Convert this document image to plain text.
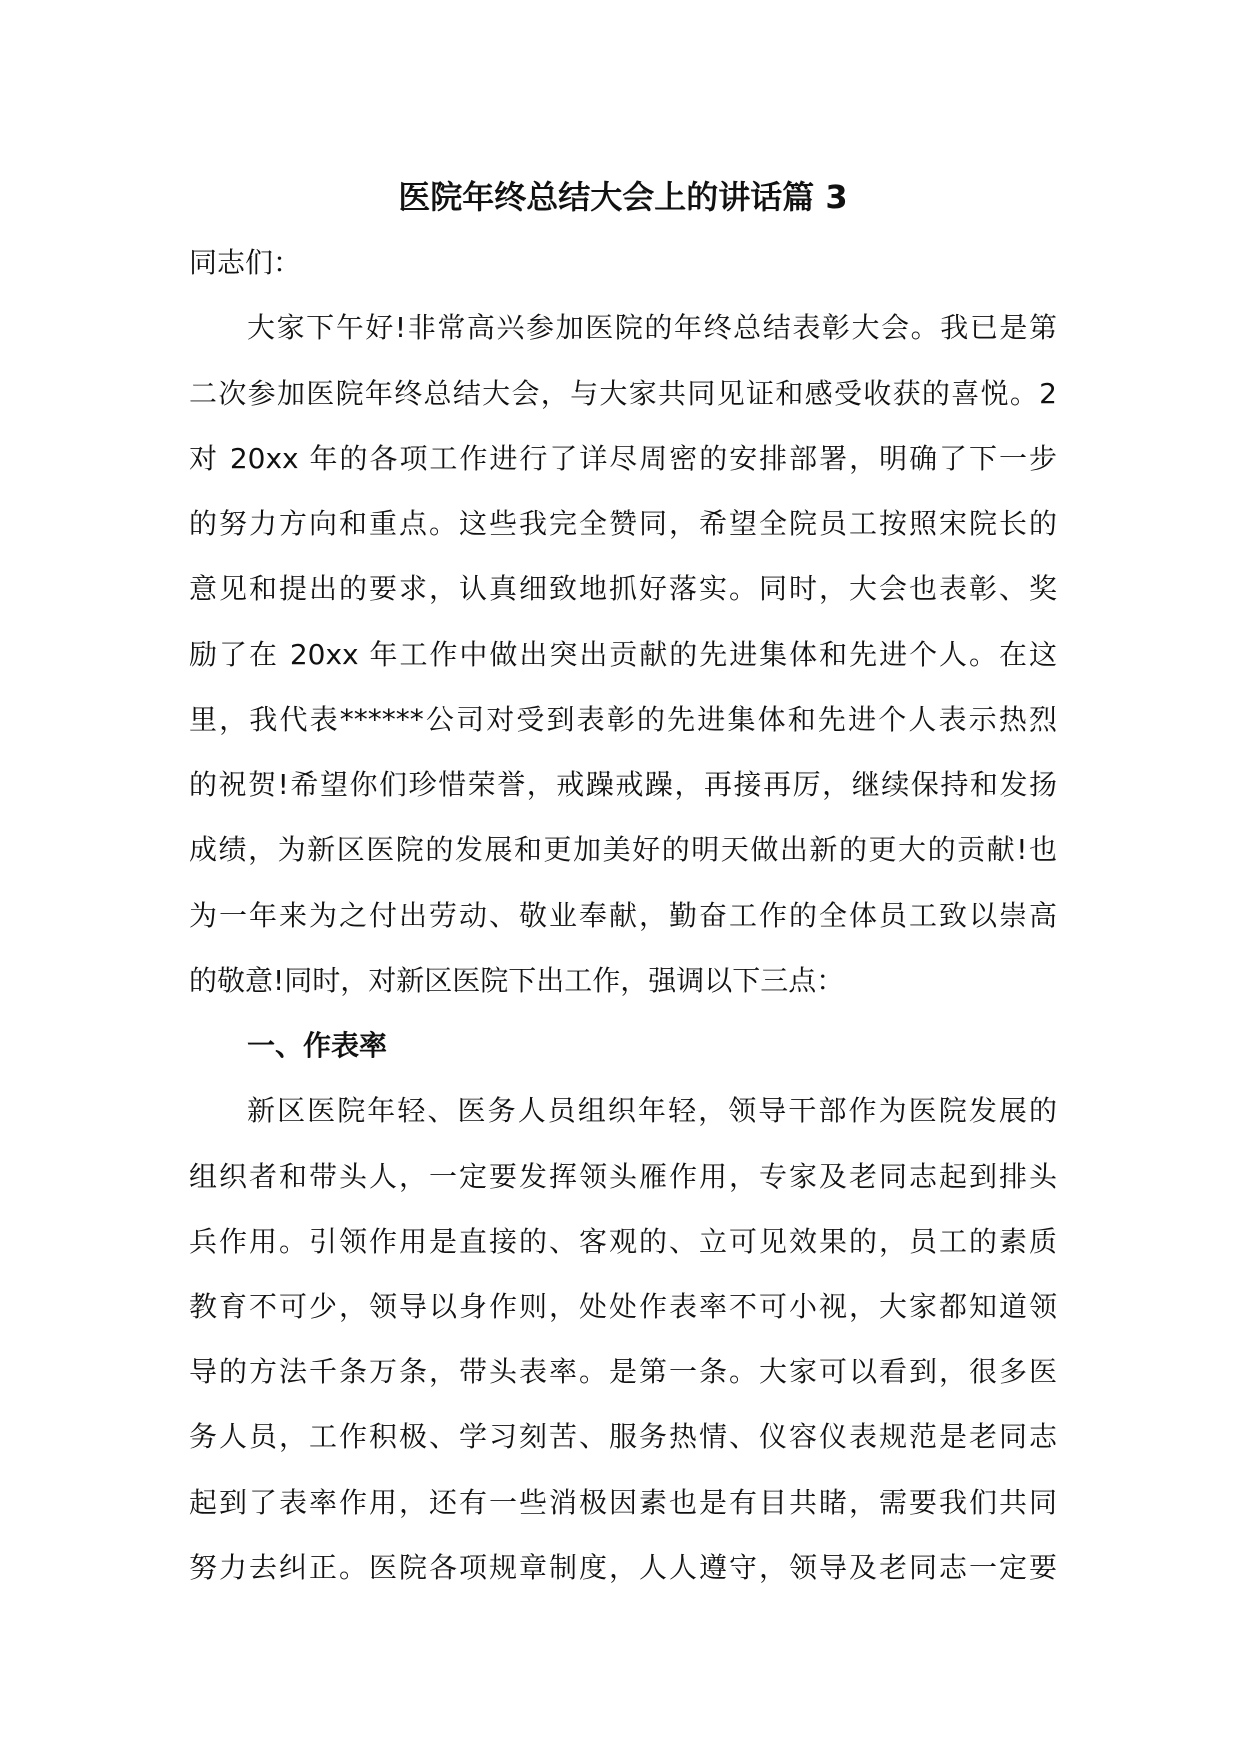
医院年终总结大会上的讲话篇 3
同志们：
大家下午好!非常高兴参加医院的年终总结表彰大会。我已是第
二次参加医院年终总结大会，与大家共同见证和感受收获的喜悦。2
对 20xx 年的各项工作进行了详尽周密的安排部署，明确了下一步
的努力方向和重点。这些我完全赞同，希望全院员工按照宋院长的
意见和提出的要求，认真细致地抓好落实。同时，大会也表彰、奖
励了在 20xx 年工作中做出突出贡献的先进集体和先进个人。在这
里，我代表******公司对受到表彰的先进集体和先进个人表示热烈
的祝贺!希望你们珍惜荣誉，戒躁戒躁，再接再厉，继续保持和发扬
成绩，为新区医院的发展和更加美好的明天做出新的更大的贡献!也
为一年来为之付出劳动、敬业奉献，勤奋工作的全体员工致以崇高
的敬意!同时，对新区医院下出工作，强调以下三点：
一、作表率
新区医院年轻、医务人员组织年轻，领导干部作为医院发展的
组织者和带头人，一定要发挥领头雁作用，专家及老同志起到排头
兵作用。引领作用是直接的、客观的、立可见效果的，员工的素质
教育不可少，领导以身作则，处处作表率不可小视，大家都知道领
导的方法千条万条，带头表率。是第一条。大家可以看到，很多医
务人员，工作积极、学习刻苦、服务热情、仪容仪表规范是老同志
起到了表率作用，还有一些消极因素也是有目共睹，需要我们共同
努力去纠正。医院各项规章制度，人人遵守，领导及老同志一定要
